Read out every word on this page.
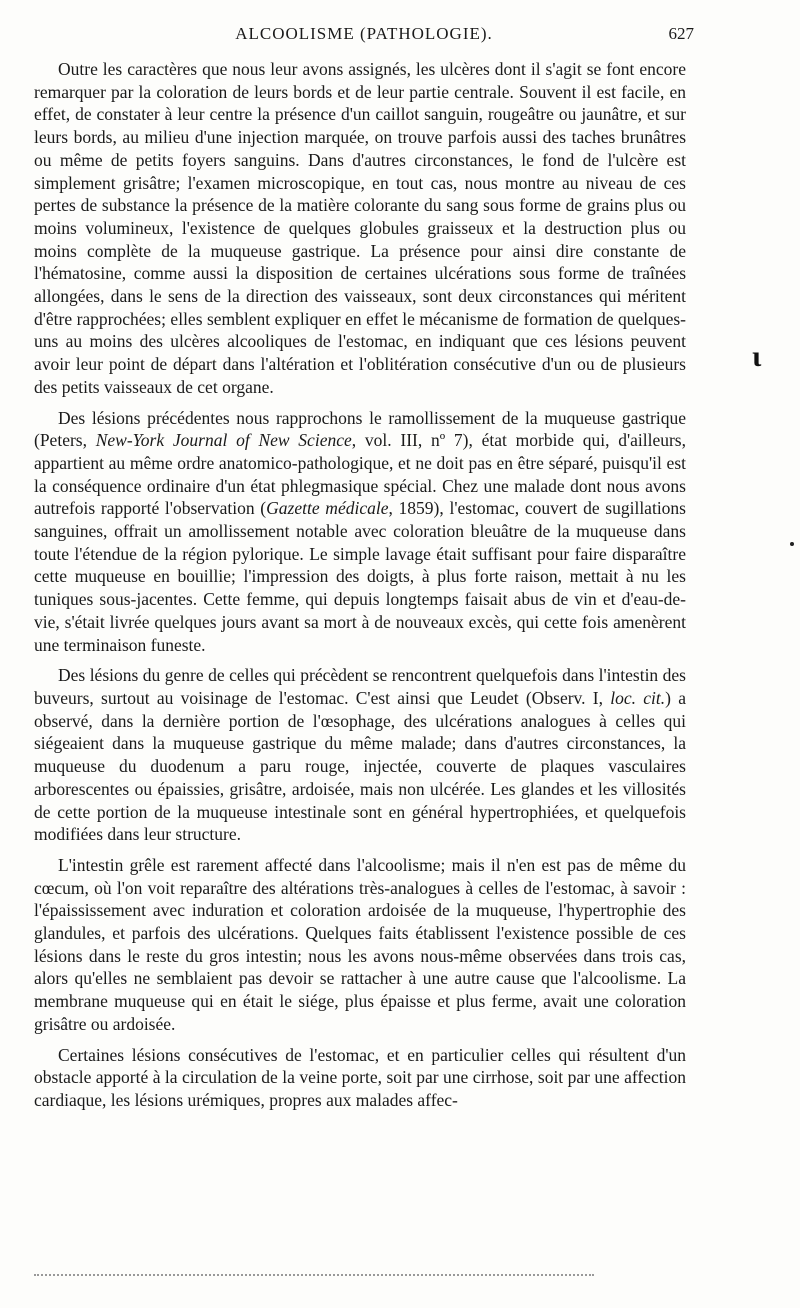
ALCOOLISME (PATHOLOGIE).	627

Outre les caractères que nous leur avons assignés, les ulcères dont il s'agit se font encore remarquer par la coloration de leurs bords et de leur partie centrale. Souvent il est facile, en effet, de constater à leur centre la présence d'un caillot sanguin, rougeâtre ou jaunâtre, et sur leurs bords, au milieu d'une injection marquée, on trouve parfois aussi des taches brunâtres ou même de petits foyers sanguins. Dans d'autres circonstances, le fond de l'ulcère est simplement grisâtre; l'examen microscopique, en tout cas, nous montre au niveau de ces pertes de substance la présence de la matière colorante du sang sous forme de grains plus ou moins volumineux, l'existence de quelques globules graisseux et la destruction plus ou moins complète de la muqueuse gastrique. La présence pour ainsi dire constante de l'hématosine, comme aussi la disposition de certaines ulcérations sous forme de traînées allongées, dans le sens de la direction des vaisseaux, sont deux circonstances qui méritent d'être rapprochées; elles semblent expliquer en effet le mécanisme de formation de quelques-uns au moins des ulcères alcooliques de l'estomac, en indiquant que ces lésions peuvent avoir leur point de départ dans l'altération et l'oblitération consécutive d'un ou de plusieurs des petits vaisseaux de cet organe.

Des lésions précédentes nous rapprochons le ramollissement de la muqueuse gastrique (Peters, New-York Journal of New Science, vol. III, nº 7), état morbide qui, d'ailleurs, appartient au même ordre anatomico-pathologique, et ne doit pas en être séparé, puisqu'il est la conséquence ordinaire d'un état phlegmasique spécial. Chez une malade dont nous avons autrefois rapporté l'observation (Gazette médicale, 1859), l'estomac, couvert de sugillations sanguines, offrait un amollissement notable avec coloration bleuâtre de la muqueuse dans toute l'étendue de la région pylorique. Le simple lavage était suffisant pour faire disparaître cette muqueuse en bouillie; l'impression des doigts, à plus forte raison, mettait à nu les tuniques sous-jacentes. Cette femme, qui depuis longtemps faisait abus de vin et d'eau-de-vie, s'était livrée quelques jours avant sa mort à de nouveaux excès, qui cette fois amenèrent une terminaison funeste.

Des lésions du genre de celles qui précèdent se rencontrent quelquefois dans l'intestin des buveurs, surtout au voisinage de l'estomac. C'est ainsi que Leudet (Observ. I, loc. cit.) a observé, dans la dernière portion de l'œsophage, des ulcérations analogues à celles qui siégeaient dans la muqueuse gastrique du même malade; dans d'autres circonstances, la muqueuse du duodenum a paru rouge, injectée, couverte de plaques vasculaires arborescentes ou épaissies, grisâtre, ardoisée, mais non ulcérée. Les glandes et les villosités de cette portion de la muqueuse intestinale sont en général hypertrophiées, et quelquefois modifiées dans leur structure.

L'intestin grêle est rarement affecté dans l'alcoolisme; mais il n'en est pas de même du cœcum, où l'on voit reparaître des altérations très-analogues à celles de l'estomac, à savoir : l'épaississement avec induration et coloration ardoisée de la muqueuse, l'hypertrophie des glandules, et parfois des ulcérations. Quelques faits établissent l'existence possible de ces lésions dans le reste du gros intestin; nous les avons nous-même observées dans trois cas, alors qu'elles ne semblaient pas devoir se rattacher à une autre cause que l'alcoolisme. La membrane muqueuse qui en était le siége, plus épaisse et plus ferme, avait une coloration grisâtre ou ardoisée.

Certaines lésions consécutives de l'estomac, et en particulier celles qui résultent d'un obstacle apporté à la circulation de la veine porte, soit par une cirrhose, soit par une affection cardiaque, les lésions urémiques, propres aux malades affec-

ɩ
